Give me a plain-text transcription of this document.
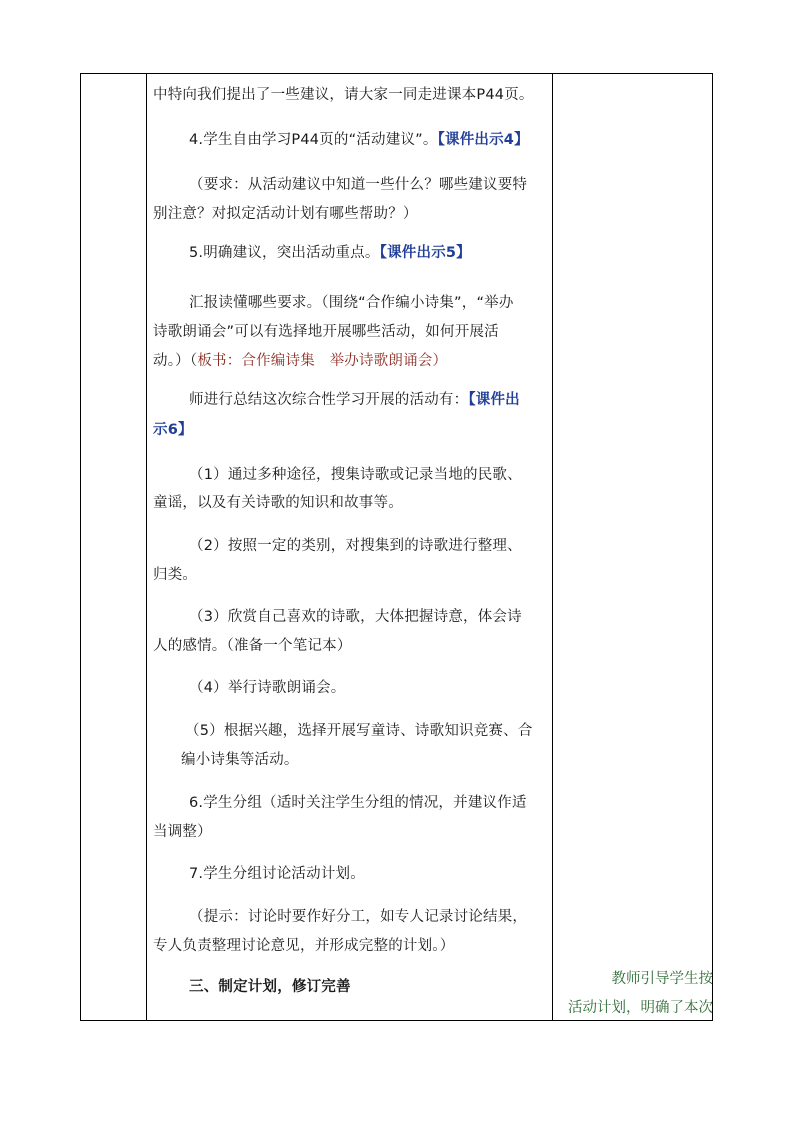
中特向我们提出了一些建议，请大家一同走进课本P44页。
4.学生自由学习P44页的“活动建议”。【课件出示4】
（要求：从活动建议中知道一些什么？哪些建议要特
别注意？对拟定活动计划有哪些帮助？）
5.明确建议，突出活动重点。【课件出示5】
汇报读懂哪些要求。（围绕“合作编小诗集”，“举办
诗歌朗诵会”可以有选择地开展哪些活动，如何开展活
动。）（板书：合作编诗集　举办诗歌朗诵会）
师进行总结这次综合性学习开展的活动有：【课件出
示6】
（1）通过多种途径，搜集诗歌或记录当地的民歌、
童谣，以及有关诗歌的知识和故事等。
（2）按照一定的类别，对搜集到的诗歌进行整理、
归类。
（3）欣赏自己喜欢的诗歌，大体把握诗意，体会诗
人的感情。（准备一个笔记本）
（4）举行诗歌朗诵会。
（5）根据兴趣，选择开展写童诗、诗歌知识竞赛、合
编小诗集等活动。
6.学生分组（适时关注学生分组的情况，并建议作适
当调整）
7.学生分组讨论活动计划。
（提示：讨论时要作好分工，如专人记录讨论结果，
专人负责整理讨论意见，并形成完整的计划。）
三、制定计划，修订完善	教师引导学生按
活动计划，明确了本次
